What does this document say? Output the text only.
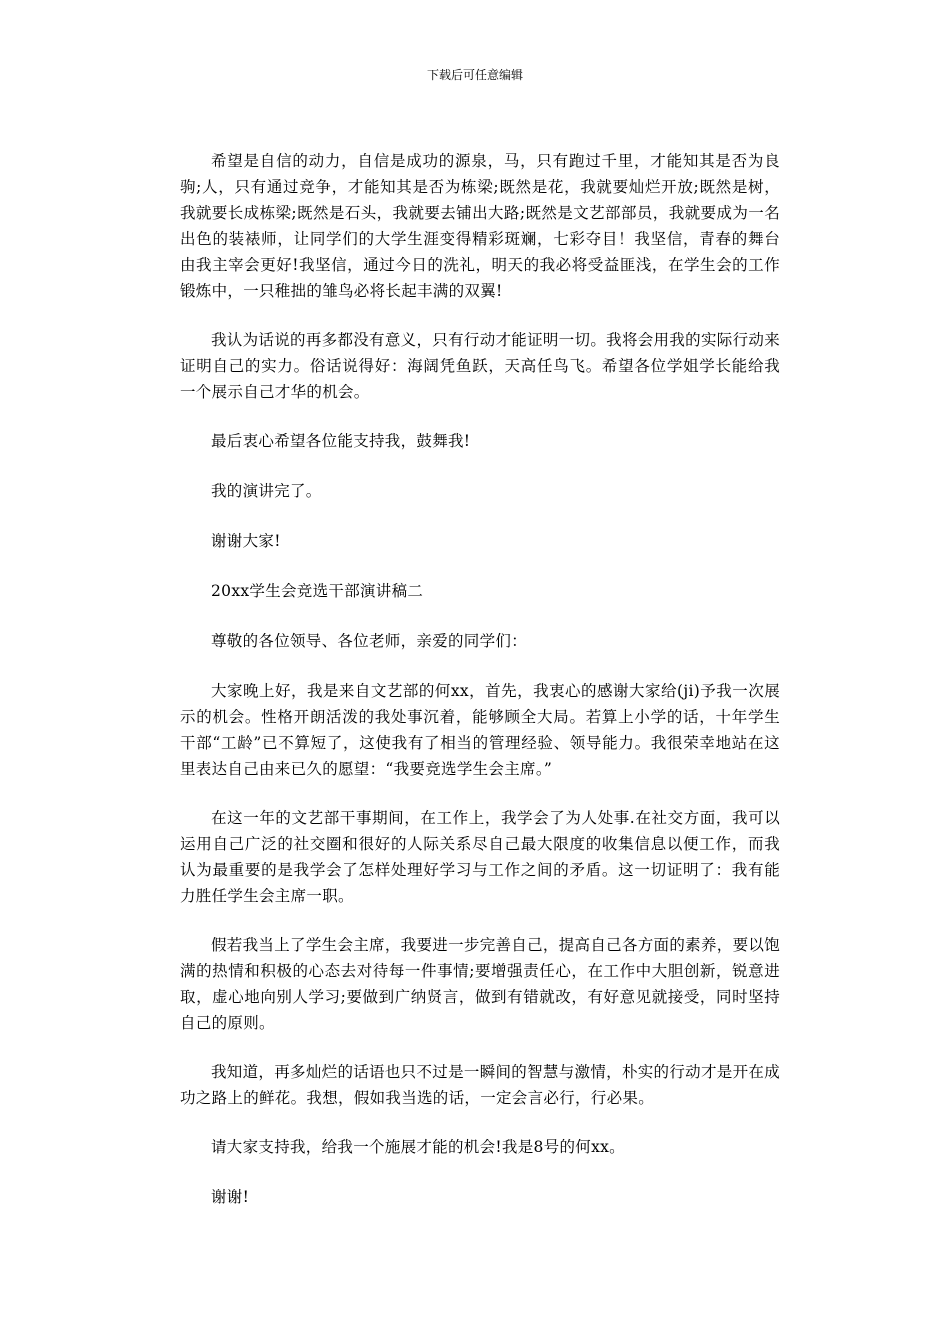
下载后可任意编辑

希望是自信的动力，自信是成功的源泉，马，只有跑过千里，才能知其是否为良驹;人，只有通过竞争，才能知其是否为栋梁;既然是花，我就要灿烂开放;既然是树，我就要长成栋梁;既然是石头，我就要去铺出大路;既然是文艺部部员，我就要成为一名出色的装裱师，让同学们的大学生涯变得精彩斑斓，七彩夺目！我坚信，青春的舞台由我主宰会更好!我坚信，通过今日的洗礼，明天的我必将受益匪浅，在学生会的工作锻炼中，一只稚拙的雏鸟必将长起丰满的双翼!

我认为话说的再多都没有意义，只有行动才能证明一切。我将会用我的实际行动来证明自己的实力。俗话说得好：海阔凭鱼跃，天高任鸟飞。希望各位学姐学长能给我一个展示自己才华的机会。

最后衷心希望各位能支持我，鼓舞我!

我的演讲完了。

谢谢大家!

20xx学生会竞选干部演讲稿二

尊敬的各位领导、各位老师，亲爱的同学们：

大家晚上好，我是来自文艺部的何xx，首先，我衷心的感谢大家给(ji)予我一次展示的机会。性格开朗活泼的我处事沉着，能够顾全大局。若算上小学的话，十年学生干部“工龄”已不算短了，这使我有了相当的管理经验、领导能力。我很荣幸地站在这里表达自己由来已久的愿望：“我要竞选学生会主席。”

在这一年的文艺部干事期间，在工作上，我学会了为人处事.在社交方面，我可以运用自己广泛的社交圈和很好的人际关系尽自己最大限度的收集信息以便工作，而我认为最重要的是我学会了怎样处理好学习与工作之间的矛盾。这一切证明了：我有能力胜任学生会主席一职。

假若我当上了学生会主席，我要进一步完善自己，提高自己各方面的素养，要以饱满的热情和积极的心态去对待每一件事情;要增强责任心，在工作中大胆创新，锐意进取，虚心地向别人学习;要做到广纳贤言，做到有错就改，有好意见就接受，同时坚持自己的原则。

我知道，再多灿烂的话语也只不过是一瞬间的智慧与激情，朴实的行动才是开在成功之路上的鲜花。我想，假如我当选的话，一定会言必行，行必果。

请大家支持我，给我一个施展才能的机会!我是8号的何xx。

谢谢!
